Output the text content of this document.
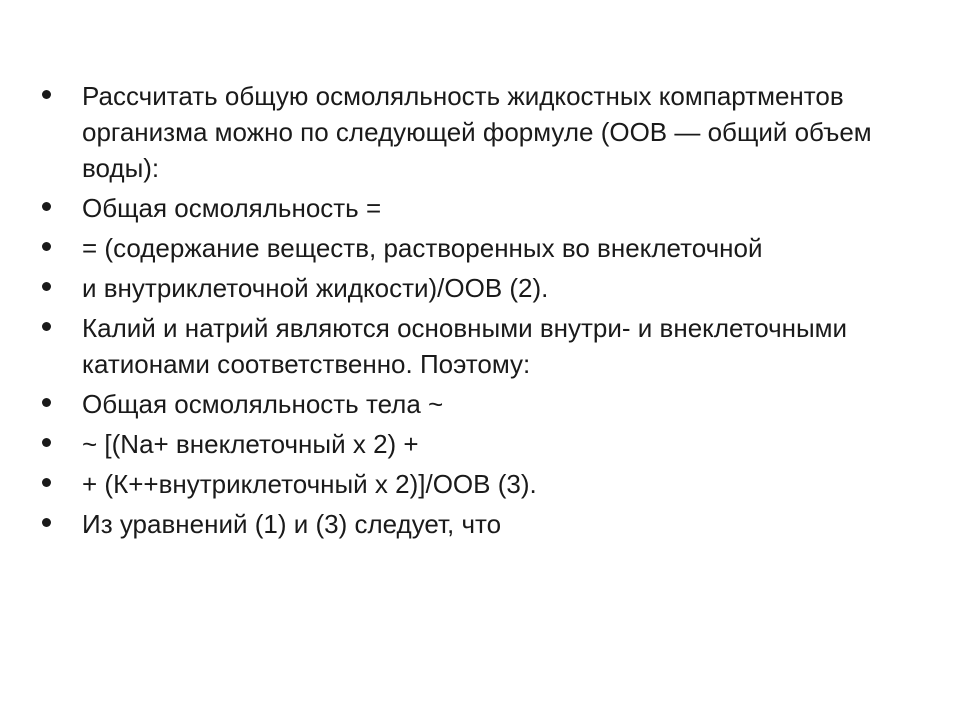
Рассчитать общую осмоляльность жидкостных компартментов организма можно по следующей формуле (ООВ — общий объем воды):
Общая осмоляльность =
= (содержание веществ, растворенных во внеклеточной
и внутриклеточной жидкости)/ООВ (2).
Калий и натрий являются основными внутри- и внеклеточными катионами соответственно. Поэтому:
Общая осмоляльность тела ~
~ [(Na+ внеклеточный х 2) +
+ (К++внутриклеточный х 2)]/ООВ (3).
Из уравнений (1) и (3) следует, что
